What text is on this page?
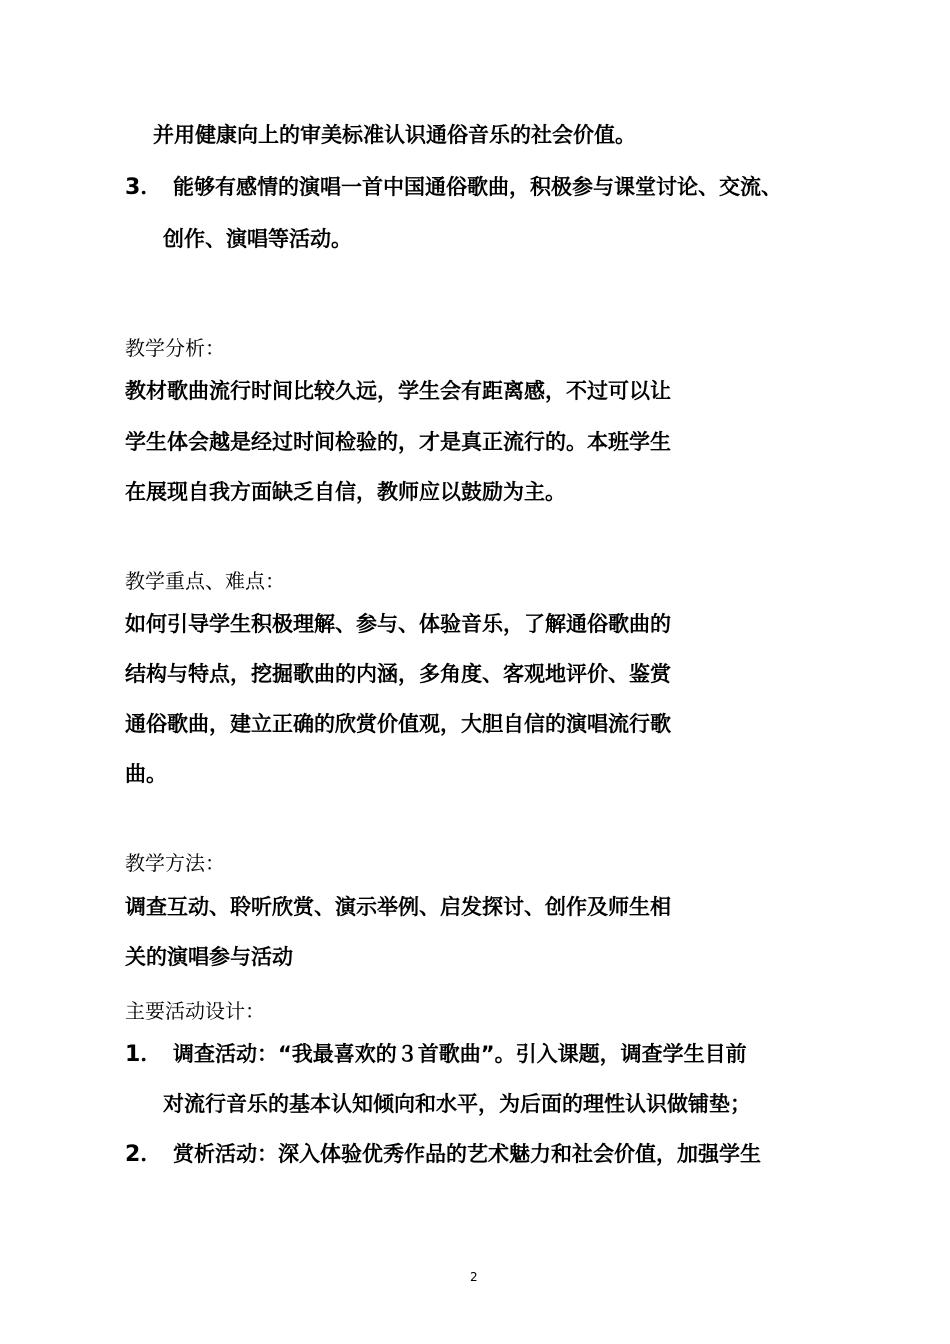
并用健康向上的审美标准认识通俗音乐的社会价值。
3． 能够有感情的演唱一首中国通俗歌曲，积极参与课堂讨论、交流、
创作、演唱等活动。
教学分析：
教材歌曲流行时间比较久远，学生会有距离感，不过可以让
学生体会越是经过时间检验的，才是真正流行的。本班学生
在展现自我方面缺乏自信，教师应以鼓励为主。
教学重点、难点：
如何引导学生积极理解、参与、体验音乐，了解通俗歌曲的
结构与特点，挖掘歌曲的内涵，多角度、客观地评价、鉴赏
通俗歌曲，建立正确的欣赏价值观，大胆自信的演唱流行歌
曲。
教学方法：
调查互动、聆听欣赏、演示举例、启发探讨、创作及师生相
关的演唱参与活动
主要活动设计：
1． 调查活动：“我最喜欢的３首歌曲”。引入课题，调查学生目前
对流行音乐的基本认知倾向和水平，为后面的理性认识做铺垫；
2． 赏析活动：深入体验优秀作品的艺术魅力和社会价值，加强学生
2
